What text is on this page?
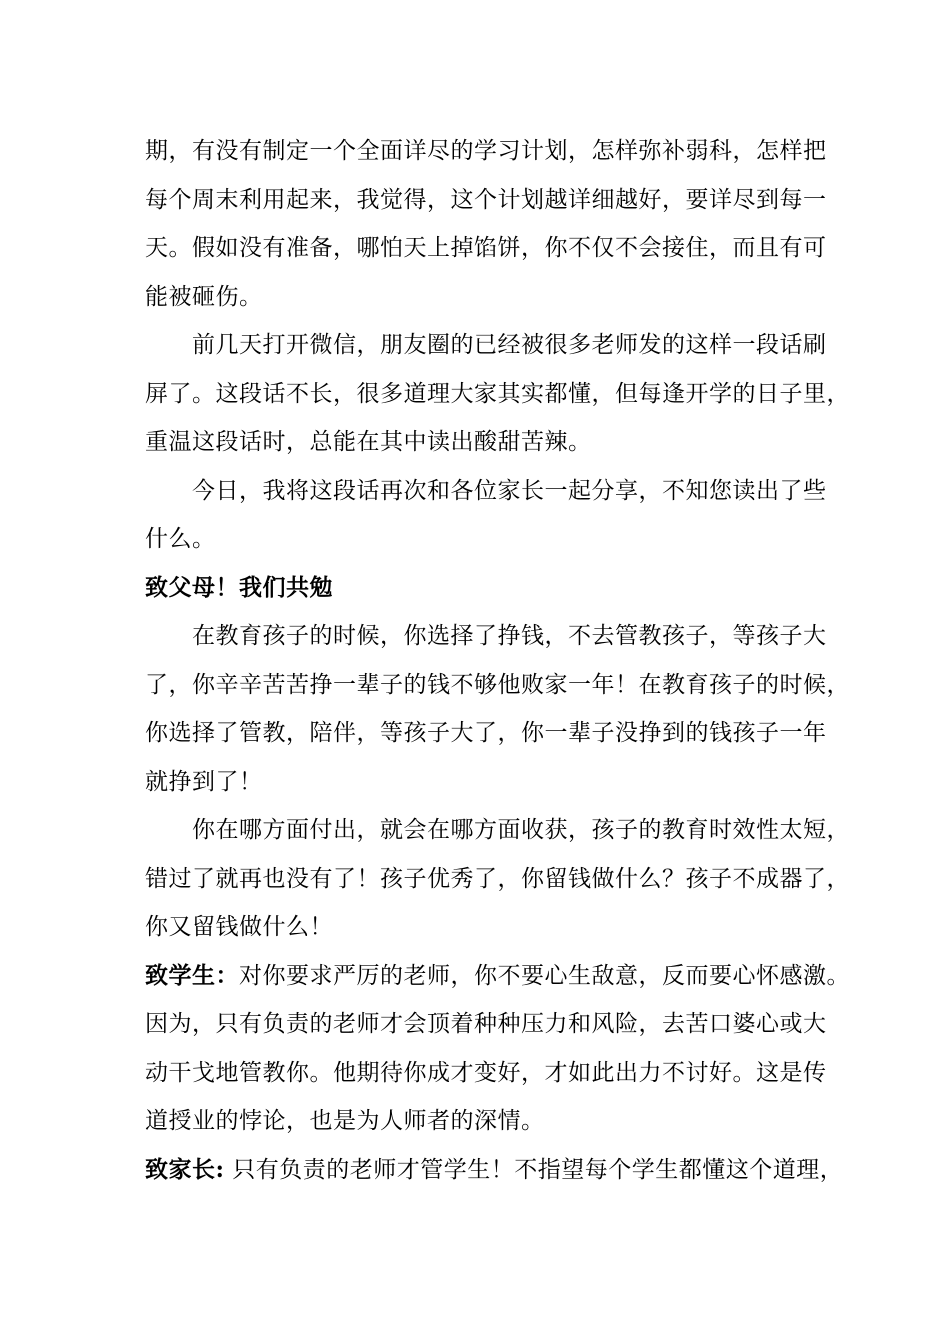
期，有没有制定一个全面详尽的学习计划，怎样弥补弱科，怎样把
每个周末利用起来，我觉得，这个计划越详细越好，要详尽到每一
天。假如没有准备，哪怕天上掉馅饼，你不仅不会接住，而且有可
能被砸伤。
　　前几天打开微信，朋友圈的已经被很多老师发的这样一段话刷
屏了。这段话不长，很多道理大家其实都懂，但每逢开学的日子里，
重温这段话时，总能在其中读出酸甜苦辣。
　　今日，我将这段话再次和各位家长一起分享，不知您读出了些
什么。
致父母！我们共勉
　　在教育孩子的时候，你选择了挣钱，不去管教孩子，等孩子大
了，你辛辛苦苦挣一辈子的钱不够他败家一年！在教育孩子的时候，
你选择了管教，陪伴，等孩子大了，你一辈子没挣到的钱孩子一年
就挣到了！
　　你在哪方面付出，就会在哪方面收获，孩子的教育时效性太短，
错过了就再也没有了！孩子优秀了，你留钱做什么？孩子不成器了，
你又留钱做什么！
致学生：对你要求严厉的老师，你不要心生敌意，反而要心怀感激。
因为，只有负责的老师才会顶着种种压力和风险，去苦口婆心或大
动干戈地管教你。他期待你成才变好，才如此出力不讨好。这是传
道授业的悖论，也是为人师者的深情。
致家长: 只有负责的老师才管学生！不指望每个学生都懂这个道理，
